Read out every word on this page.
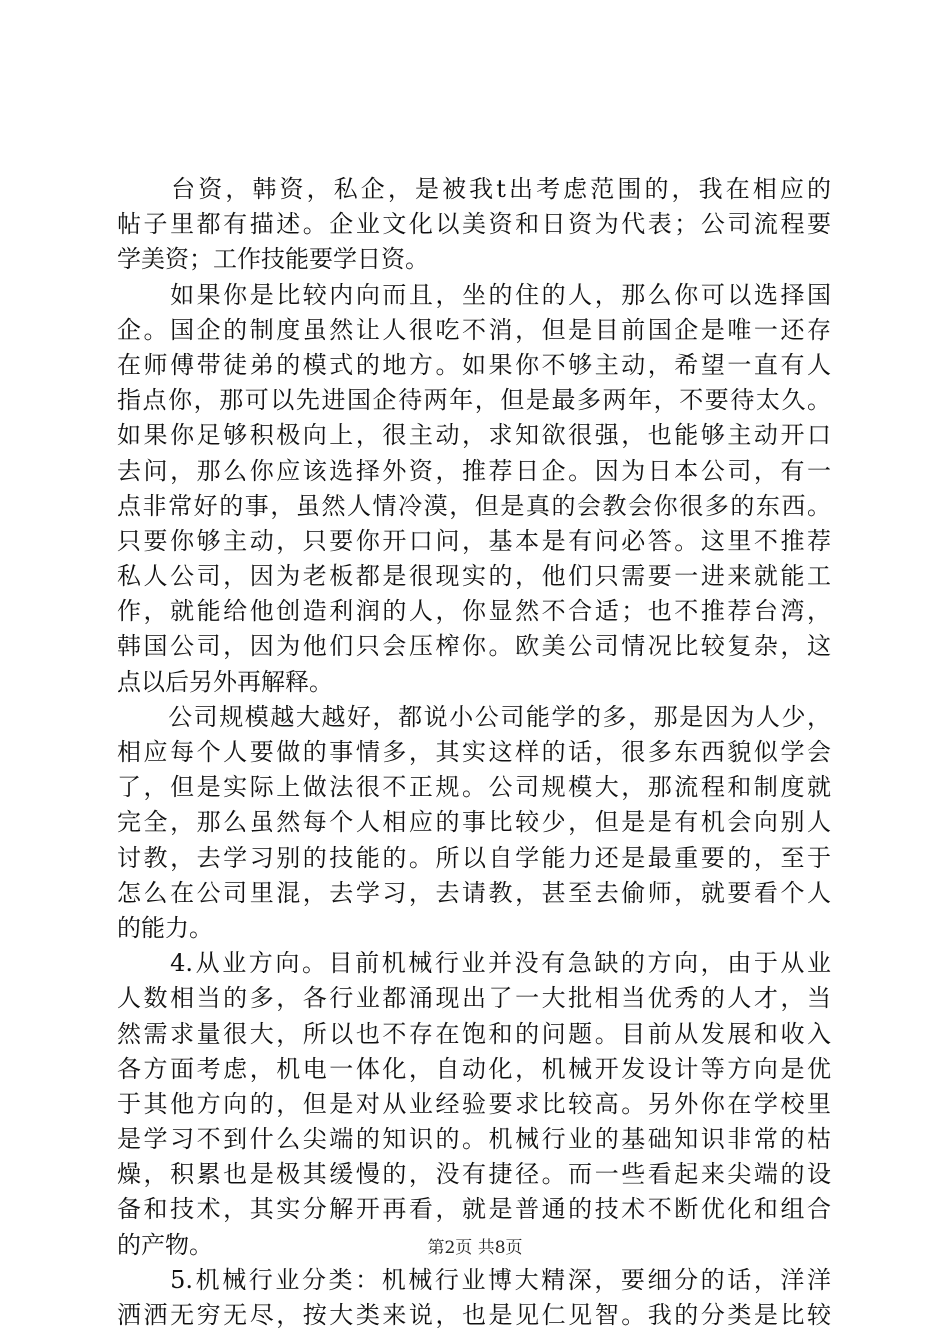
　　台资，韩资，私企，是被我t出考虑范围的，我在相应的
帖子里都有描述。企业文化以美资和日资为代表；公司流程要
学美资；工作技能要学日资。
　　如果你是比较内向而且，坐的住的人，那么你可以选择国
企。国企的制度虽然让人很吃不消，但是目前国企是唯一还存
在师傅带徒弟的模式的地方。如果你不够主动，希望一直有人
指点你，那可以先进国企待两年，但是最多两年，不要待太久。
如果你足够积极向上，很主动，求知欲很强，也能够主动开口
去问，那么你应该选择外资，推荐日企。因为日本公司，有一
点非常好的事，虽然人情冷漠，但是真的会教会你很多的东西。
只要你够主动，只要你开口问，基本是有问必答。这里不推荐
私人公司，因为老板都是很现实的，他们只需要一进来就能工
作，就能给他创造利润的人，你显然不合适；也不推荐台湾，
韩国公司，因为他们只会压榨你。欧美公司情况比较复杂，这
点以后另外再解释。
　　公司规模越大越好，都说小公司能学的多，那是因为人少，
相应每个人要做的事情多，其实这样的话，很多东西貌似学会
了，但是实际上做法很不正规。公司规模大，那流程和制度就
完全，那么虽然每个人相应的事比较少，但是是有机会向别人
讨教，去学习别的技能的。所以自学能力还是最重要的，至于
怎么在公司里混，去学习，去请教，甚至去偷师，就要看个人
的能力。
　　4.从业方向。目前机械行业并没有急缺的方向，由于从业
人数相当的多，各行业都涌现出了一大批相当优秀的人才，当
然需求量很大，所以也不存在饱和的问题。目前从发展和收入
各方面考虑，机电一体化，自动化，机械开发设计等方向是优
于其他方向的，但是对从业经验要求比较高。另外你在学校里
是学习不到什么尖端的知识的。机械行业的基础知识非常的枯
燥，积累也是极其缓慢的，没有捷径。而一些看起来尖端的设
备和技术，其实分解开再看，就是普通的技术不断优化和组合
的产物。
　　5.机械行业分类：机械行业博大精深，要细分的话，洋洋
洒洒无穷无尽，按大类来说，也是见仁见智。我的分类是比较
第2页 共8页
